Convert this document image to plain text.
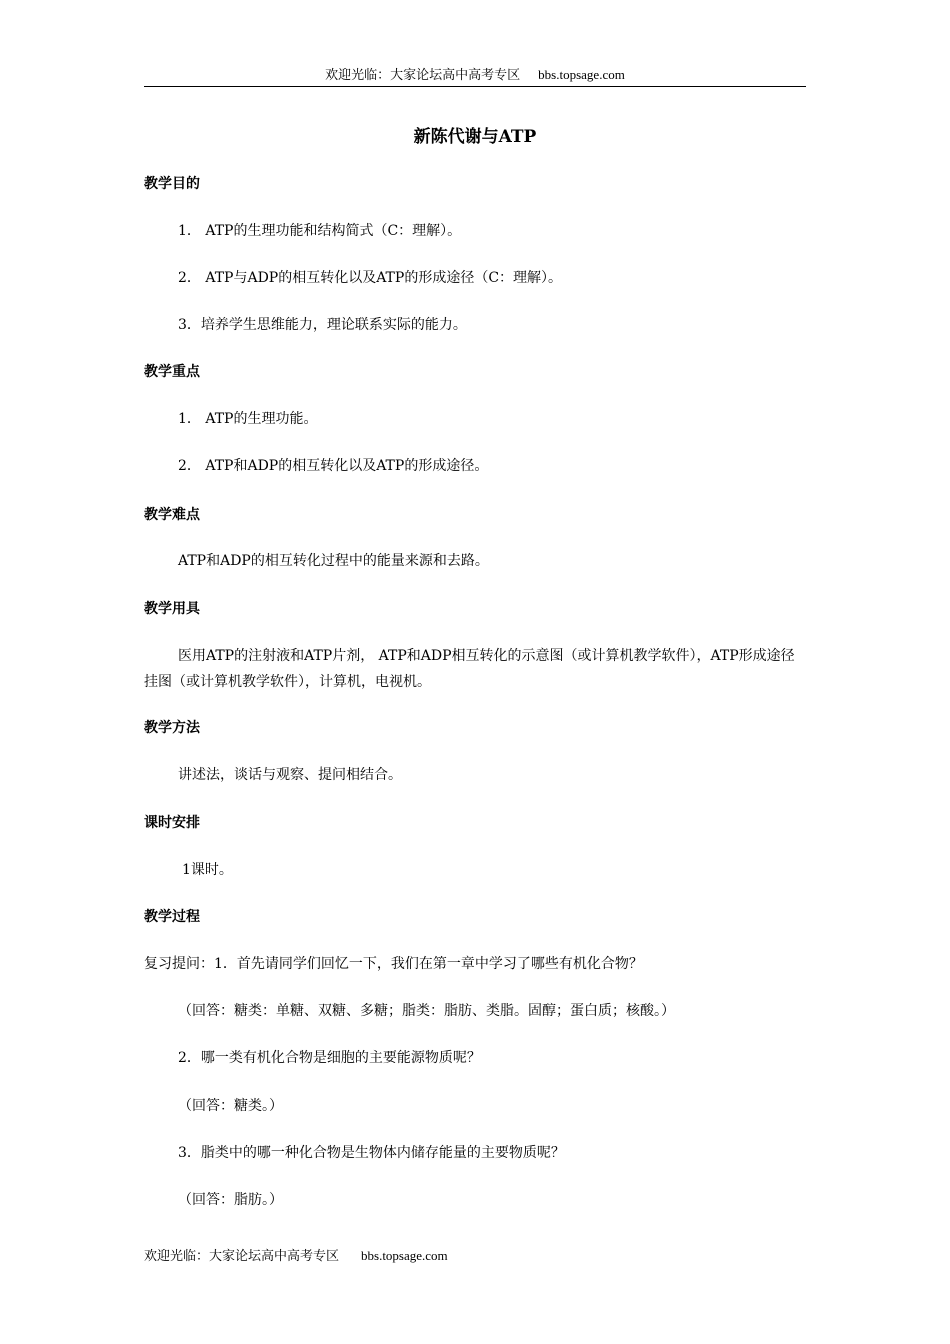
欢迎光临：大家论坛高中高考专区 bbs.topsage.com
新陈代谢与ATP
教学目的
1． ATP的生理功能和结构简式（C：理解）。
2． ATP与ADP的相互转化以及ATP的形成途径（C：理解）。
3．培养学生思维能力，理论联系实际的能力。
教学重点
1． ATP的生理功能。
2． ATP和ADP的相互转化以及ATP的形成途径。
教学难点
ATP和ADP的相互转化过程中的能量来源和去路。
教学用具
医用ATP的注射液和ATP片剂， ATP和ADP相互转化的示意图（或计算机教学软件），ATP形成途径挂图（或计算机教学软件），计算机，电视机。
教学方法
讲述法，谈话与观察、提问相结合。
课时安排
1课时。
教学过程
复习提问：1．首先请同学们回忆一下，我们在第一章中学习了哪些有机化合物？
（回答：糖类：单糖、双糖、多糖；脂类：脂肪、类脂。固醇；蛋白质；核酸。）
2．哪一类有机化合物是细胞的主要能源物质呢？
（回答：糖类。）
3．脂类中的哪一种化合物是生物体内储存能量的主要物质呢？
（回答：脂肪。）
欢迎光临：大家论坛高中高考专区 bbs.topsage.com
